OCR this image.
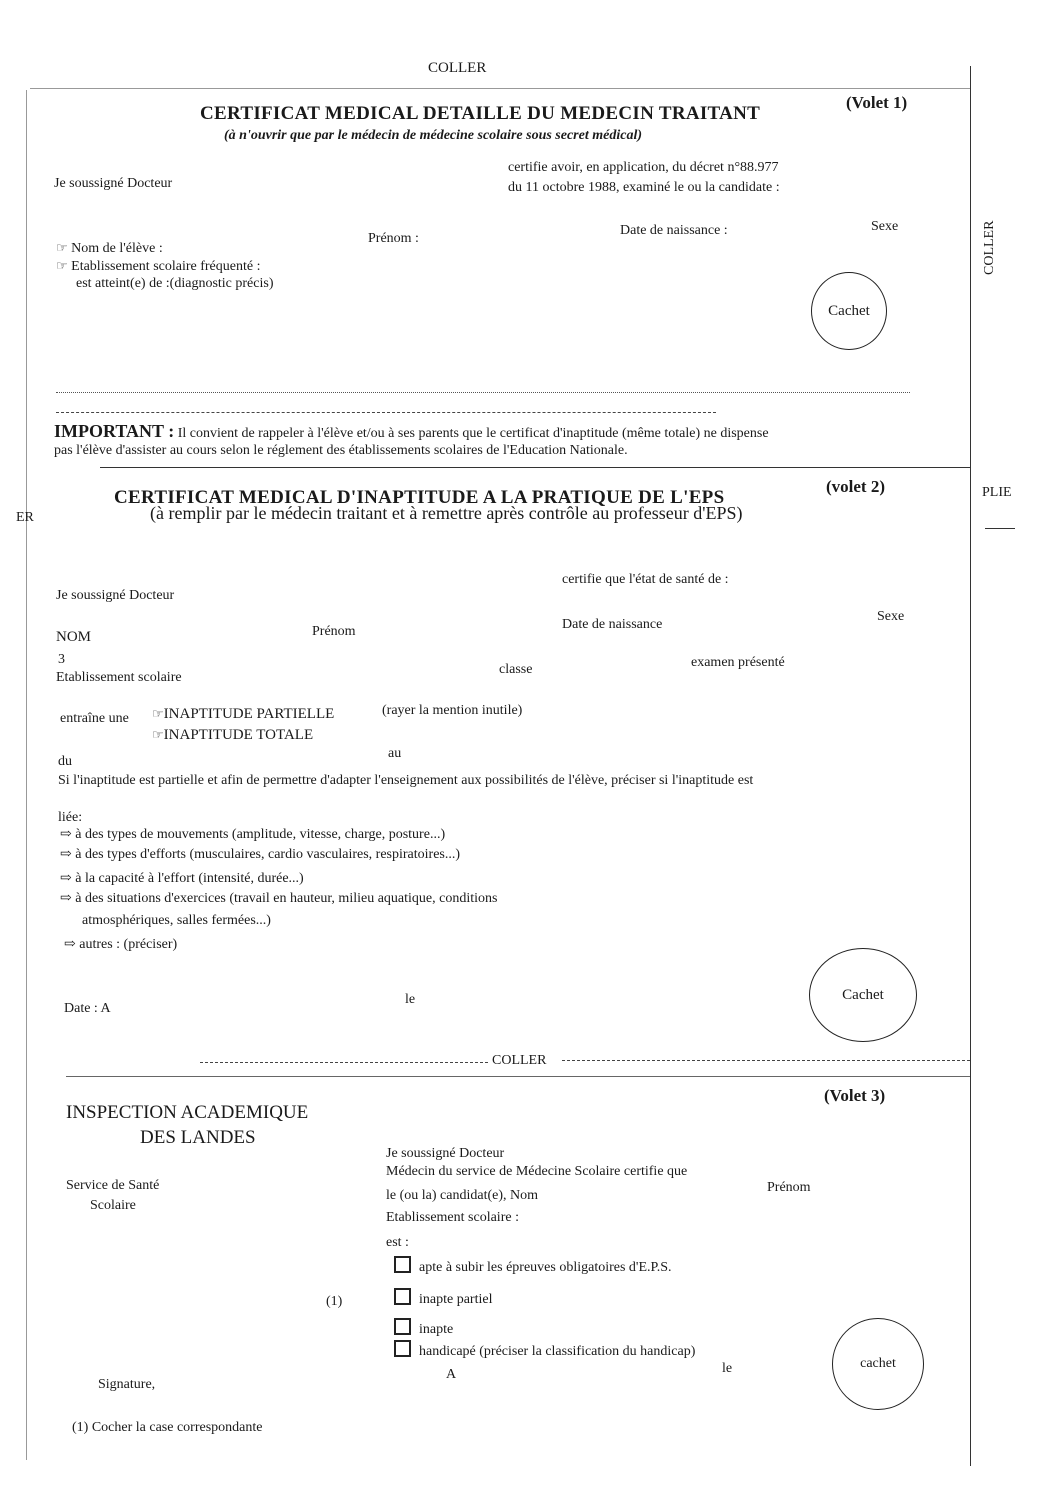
COLLER
COLLER
PLIE
ER
CERTIFICAT MEDICAL DETAILLE DU MEDECIN TRAITANT
(Volet 1)
(à n'ouvrir que par le médecin de médecine scolaire sous secret médical)
Je soussigné Docteur
certifie avoir, en application, du décret n°88.977
du 11 octobre 1988, examiné le ou la candidate :
☞ Nom de l'élève :
Prénom :
Date de naissance :	Sexe
☞ Etablissement scolaire fréquenté :
est atteint(e) de :(diagnostic précis)
Cachet
IMPORTANT : Il convient de rappeler à l'élève et/ou à ses parents que le certificat d'inaptitude (même totale) ne dispense
pas l'élève d'assister au cours selon le réglement des établissements scolaires de l'Education Nationale.
CERTIFICAT MEDICAL D'INAPTITUDE A LA PRATIQUE DE L'EPS
(volet 2)
(à remplir par le médecin traitant et à remettre après contrôle au professeur d'EPS)
Je soussigné Docteur
certifie que l'état de santé de :
NOM	Prénom	Date de naissance
Sexe
3
Etablissement scolaire
classe	examen présenté
entraîne une ☞INAPTITUDE PARTIELLE	(rayer la mention inutile)
☞INAPTITUDE TOTALE
du
au
Si l'inaptitude est partielle et afin de permettre d'adapter l'enseignement aux possibilités de l'élève, préciser si l'inaptitude est
liée:
⇨ à des types de mouvements (amplitude, vitesse, charge, posture...)
⇨ à des types d'efforts (musculaires, cardio vasculaires, respiratoires...)
⇨ à la capacité à l'effort (intensité, durée...)
⇨ à des situations d'exercices (travail en hauteur, milieu aquatique, conditions
atmosphériques, salles fermées...)
⇨ autres : (préciser)
Date : A
le	Cachet
COLLER
INSPECTION ACADEMIQUE
DES LANDES
(Volet 3)
Service de Santé
Scolaire
Je soussigné Docteur
Médecin du service de Médecine Scolaire certifie que
le (ou la) candidat(e), Nom
Prénom
Etablissement scolaire :
est :
apte à subir les épreuves obligatoires d'E.P.S.
(1)	inapte partiel
inapte
handicapé (préciser la classification du handicap)
Signature,
A	le	cachet
(1) Cocher la case correspondante
